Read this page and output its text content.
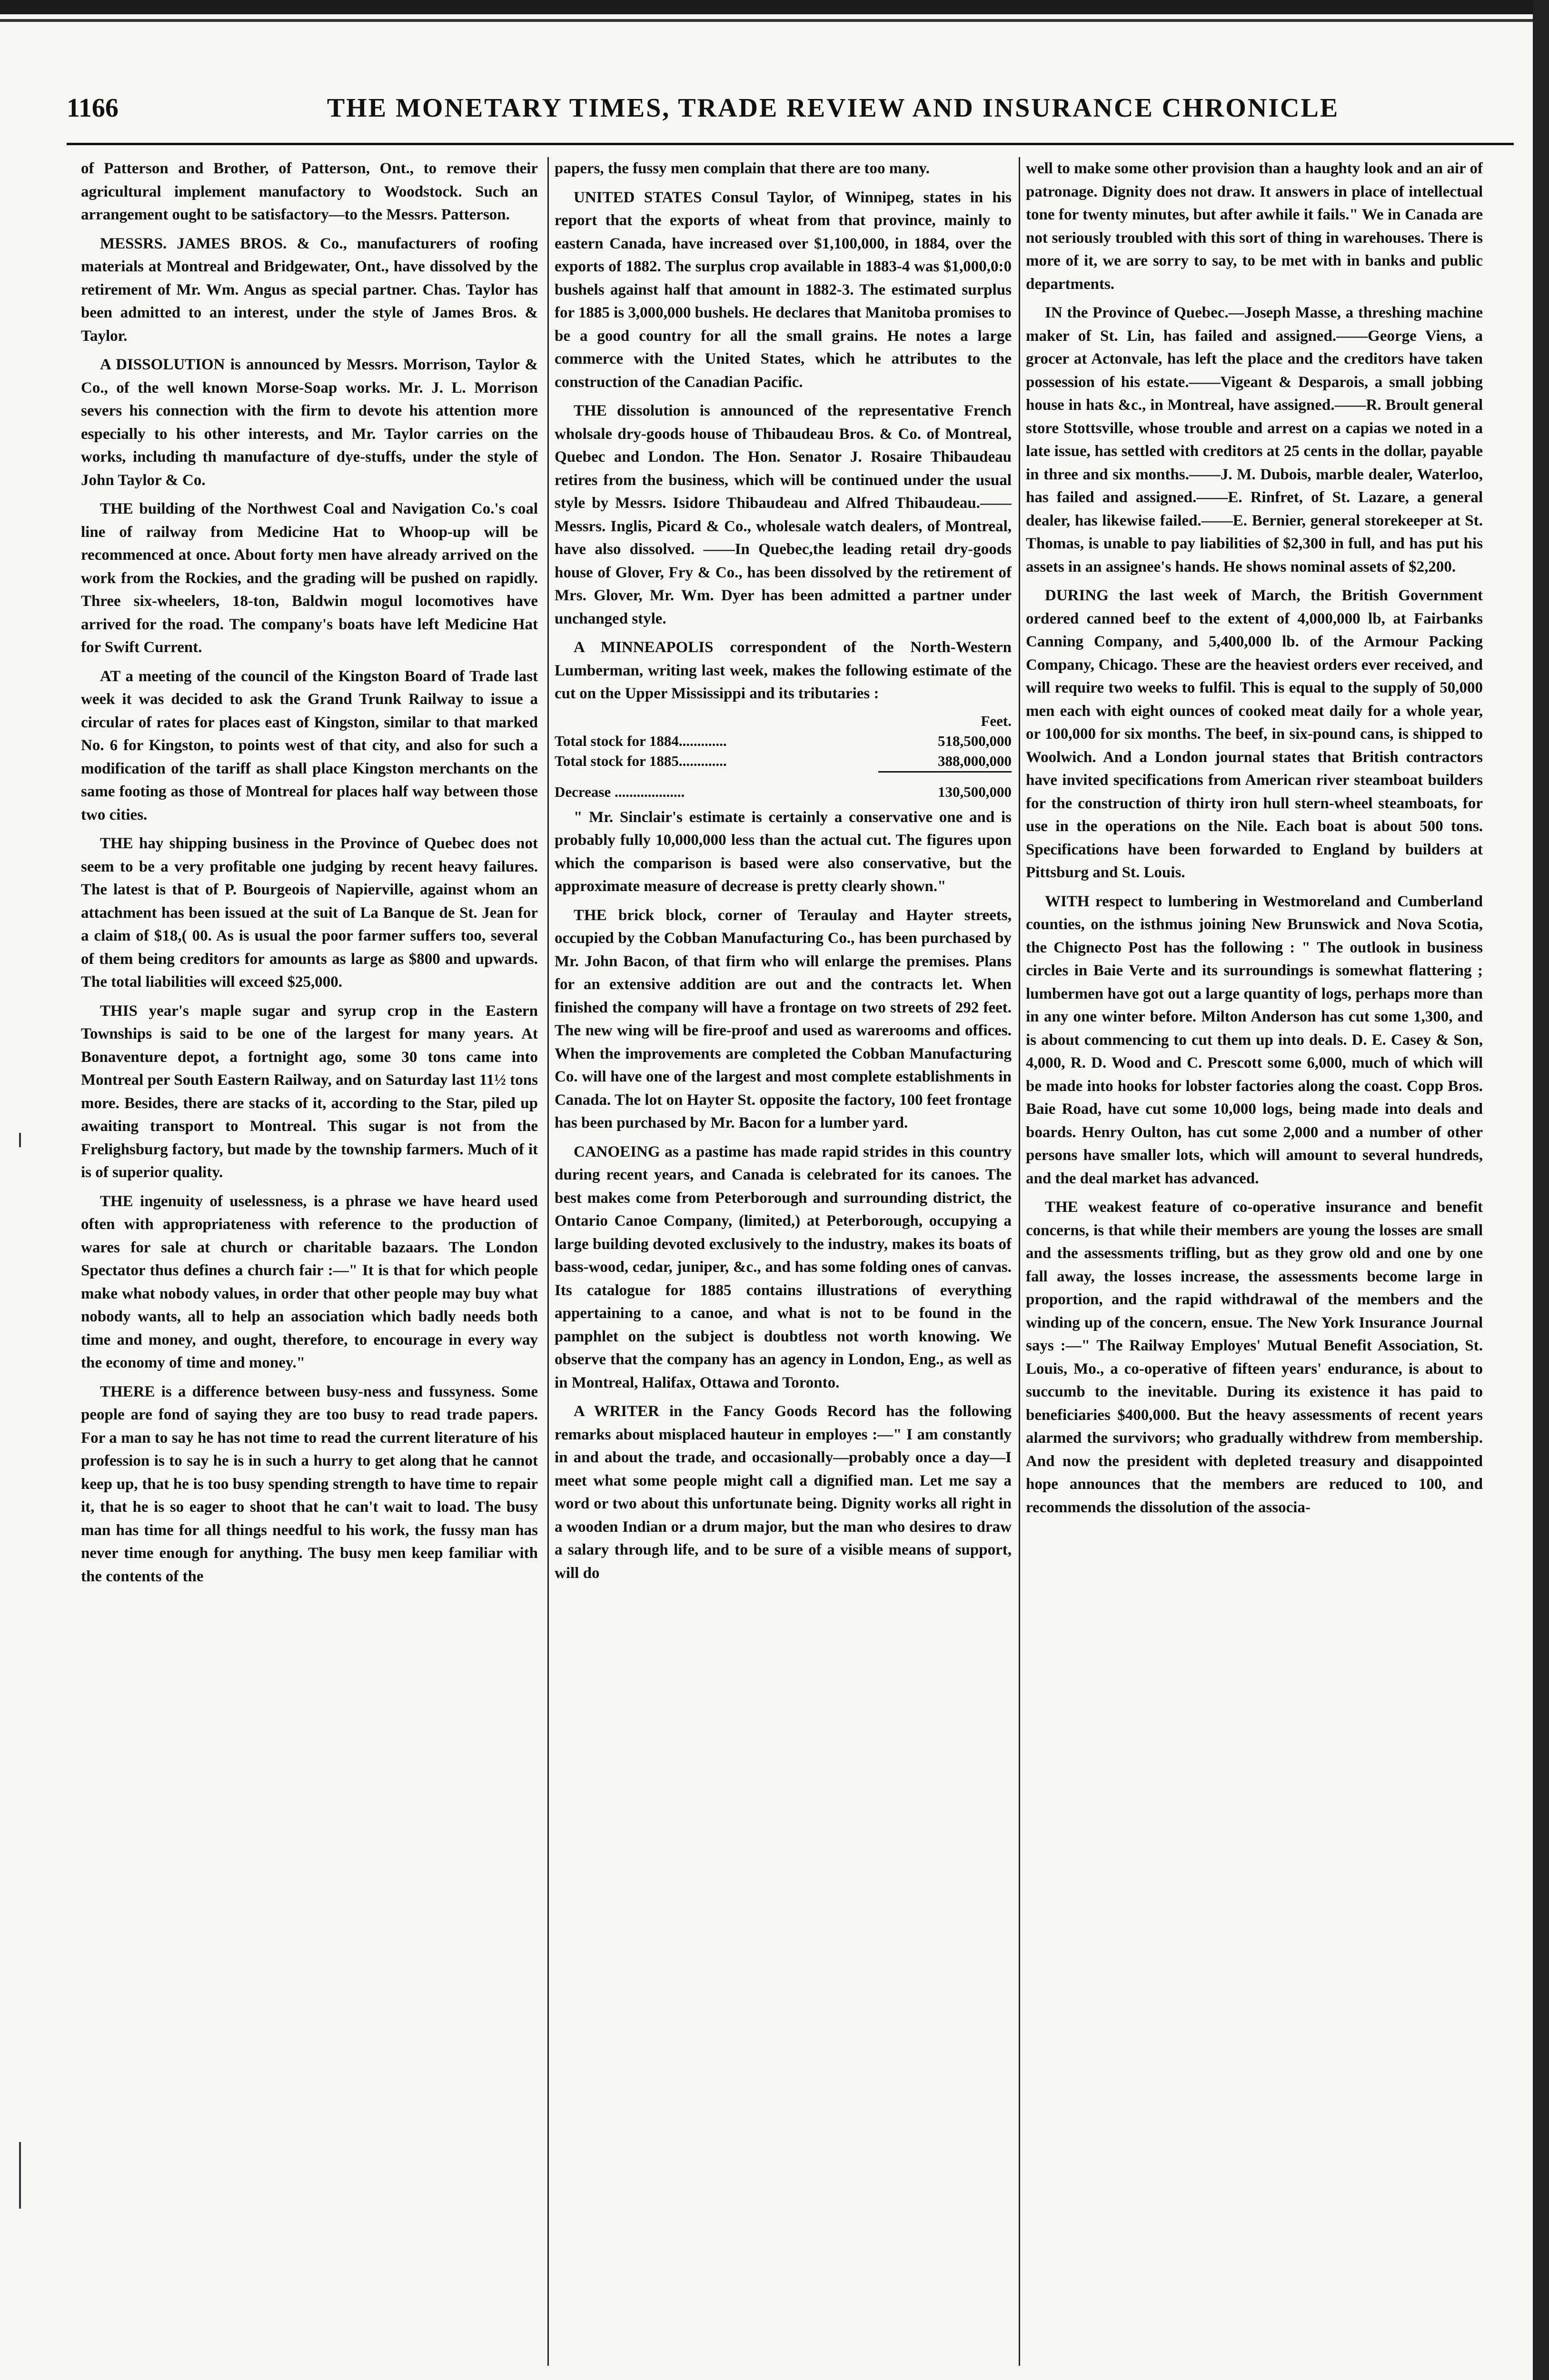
1166	THE MONETARY TIMES, TRADE REVIEW AND INSURANCE CHRONICLE

of Patterson and Brother, of Patterson, Ont., to remove their agricultural implement manufactory to Woodstock. Such an arrangement ought to be satisfactory—to the Messrs. Patterson.

MESSRS. JAMES BROS. & Co., manufacturers of roofing materials at Montreal and Bridgewater, Ont., have dissolved by the retirement of Mr. Wm. Angus as special partner. Chas. Taylor has been admitted to an interest, under the style of James Bros. & Taylor.

A DISSOLUTION is announced by Messrs. Morrison, Taylor & Co., of the well known Morse-Soap works. Mr. J. L. Morrison severs his connection with the firm to devote his attention more especially to his other interests, and Mr. Taylor carries on the works, including th manufacture of dye-stuffs, under the style of John Taylor & Co.

THE building of the Northwest Coal and Navigation Co.'s coal line of railway from Medicine Hat to Whoop-up will be recommenced at once. About forty men have already arrived on the work from the Rockies, and the grading will be pushed on rapidly. Three six-wheelers, 18-ton, Baldwin mogul locomotives have arrived for the road. The company's boats have left Medicine Hat for Swift Current.

AT a meeting of the council of the Kingston Board of Trade last week it was decided to ask the Grand Trunk Railway to issue a circular of rates for places east of Kingston, similar to that marked No. 6 for Kingston, to points west of that city, and also for such a modification of the tariff as shall place Kingston merchants on the same footing as those of Montreal for places half way between those two cities.

THE hay shipping business in the Province of Quebec does not seem to be a very profitable one judging by recent heavy failures. The latest is that of P. Bourgeois of Napierville, against whom an attachment has been issued at the suit of La Banque de St. Jean for a claim of $18,( 00. As is usual the poor farmer suffers too, several of them being creditors for amounts as large as $800 and upwards. The total liabilities will exceed $25,000.

THIS year's maple sugar and syrup crop in the Eastern Townships is said to be one of the largest for many years. At Bonaventure depot, a fortnight ago, some 30 tons came into Montreal per South Eastern Railway, and on Saturday last 11½ tons more. Besides, there are stacks of it, according to the Star, piled up awaiting transport to Montreal. This sugar is not from the Frelighsburg factory, but made by the township farmers. Much of it is of superior quality.

THE ingenuity of uselessness, is a phrase we have heard used often with appropriateness with reference to the production of wares for sale at church or charitable bazaars. The London Spectator thus defines a church fair :—" It is that for which people make what nobody values, in order that other people may buy what nobody wants, all to help an association which badly needs both time and money, and ought, therefore, to encourage in every way the economy of time and money."

THERE is a difference between busy-ness and fussyness. Some people are fond of saying they are too busy to read trade papers. For a man to say he has not time to read the current literature of his profession is to say he is in such a hurry to get along that he cannot keep up, that he is too busy spending strength to have time to repair it, that he is so eager to shoot that he can't wait to load. The busy man has time for all things needful to his work, the fussy man has never time enough for anything. The busy men keep familiar with the contents of the

papers, the fussy men complain that there are too many.

UNITED STATES Consul Taylor, of Winnipeg, states in his report that the exports of wheat from that province, mainly to eastern Canada, have increased over $1,100,000, in 1884, over the exports of 1882. The surplus crop available in 1883-4 was $1,000,0:0 bushels against half that amount in 1882-3. The estimated surplus for 1885 is 3,000,000 bushels. He declares that Manitoba promises to be a good country for all the small grains. He notes a large commerce with the United States, which he attributes to the construction of the Canadian Pacific.

THE dissolution is announced of the representative French wholsale dry-goods house of Thibaudeau Bros. & Co. of Montreal, Quebec and London. The Hon. Senator J. Rosaire Thibaudeau retires from the business, which will be continued under the usual style by Messrs. Isidore Thibaudeau and Alfred Thibaudeau.——Messrs. Inglis, Picard & Co., wholesale watch dealers, of Montreal, have also dissolved. ——In Quebec,the leading retail dry-goods house of Glover, Fry & Co., has been dissolved by the retirement of Mrs. Glover, Mr. Wm. Dyer has been admitted a partner under unchanged style.

A MINNEAPOLIS correspondent of the North-Western Lumberman, writing last week, makes the following estimate of the cut on the Upper Mississippi and its tributaries :

Feet.
Total stock for 1884.............	518,500,000
Total stock for 1885.............	388,000,000
Decrease ...................	130,500,000

" Mr. Sinclair's estimate is certainly a conservative one and is probably fully 10,000,000 less than the actual cut. The figures upon which the comparison is based were also conservative, but the approximate measure of decrease is pretty clearly shown."

THE brick block, corner of Teraulay and Hayter streets, occupied by the Cobban Manufacturing Co., has been purchased by Mr. John Bacon, of that firm who will enlarge the premises. Plans for an extensive addition are out and the contracts let. When finished the company will have a frontage on two streets of 292 feet. The new wing will be fire-proof and used as warerooms and offices. When the improvements are completed the Cobban Manufacturing Co. will have one of the largest and most complete establishments in Canada. The lot on Hayter St. opposite the factory, 100 feet frontage has been purchased by Mr. Bacon for a lumber yard.

CANOEING as a pastime has made rapid strides in this country during recent years, and Canada is celebrated for its canoes. The best makes come from Peterborough and surrounding district, the Ontario Canoe Company, (limited,) at Peterborough, occupying a large building devoted exclusively to the industry, makes its boats of bass-wood, cedar, juniper, &c., and has some folding ones of canvas. Its catalogue for 1885 contains illustrations of everything appertaining to a canoe, and what is not to be found in the pamphlet on the subject is doubtless not worth knowing. We observe that the company has an agency in London, Eng., as well as in Montreal, Halifax, Ottawa and Toronto.

A WRITER in the Fancy Goods Record has the following remarks about misplaced hauteur in employes :—" I am constantly in and about the trade, and occasionally—probably once a day—I meet what some people might call a dignified man. Let me say a word or two about this unfortunate being. Dignity works all right in a wooden Indian or a drum major, but the man who desires to draw a salary through life, and to be sure of a visible means of support, will do

well to make some other provision than a haughty look and an air of patronage. Dignity does not draw. It answers in place of intellectual tone for twenty minutes, but after awhile it fails." We in Canada are not seriously troubled with this sort of thing in warehouses. There is more of it, we are sorry to say, to be met with in banks and public departments.

IN the Province of Quebec.—Joseph Masse, a threshing machine maker of St. Lin, has failed and assigned.——George Viens, a grocer at Actonvale, has left the place and the creditors have taken possession of his estate.——Vigeant & Desparois, a small jobbing house in hats &c., in Montreal, have assigned.——R. Broult general store Stottsville, whose trouble and arrest on a capias we noted in a late issue, has settled with creditors at 25 cents in the dollar, payable in three and six months.——J. M. Dubois, marble dealer, Waterloo, has failed and assigned.——E. Rinfret, of St. Lazare, a general dealer, has likewise failed.——E. Bernier, general storekeeper at St. Thomas, is unable to pay liabilities of $2,300 in full, and has put his assets in an assignee's hands. He shows nominal assets of $2,200.

DURING the last week of March, the British Government ordered canned beef to the extent of 4,000,000 lb, at Fairbanks Canning Company, and 5,400,000 lb. of the Armour Packing Company, Chicago. These are the heaviest orders ever received, and will require two weeks to fulfil. This is equal to the supply of 50,000 men each with eight ounces of cooked meat daily for a whole year, or 100,000 for six months. The beef, in six-pound cans, is shipped to Woolwich. And a London journal states that British contractors have invited specifications from American river steamboat builders for the construction of thirty iron hull stern-wheel steamboats, for use in the operations on the Nile. Each boat is about 500 tons. Specifications have been forwarded to England by builders at Pittsburg and St. Louis.

WITH respect to lumbering in Westmoreland and Cumberland counties, on the isthmus joining New Brunswick and Nova Scotia, the Chignecto Post has the following : " The outlook in business circles in Baie Verte and its surroundings is somewhat flattering ; lumbermen have got out a large quantity of logs, perhaps more than in any one winter before. Milton Anderson has cut some 1,300, and is about commencing to cut them up into deals. D. E. Casey & Son, 4,000, R. D. Wood and C. Prescott some 6,000, much of which will be made into hooks for lobster factories along the coast. Copp Bros. Baie Road, have cut some 10,000 logs, being made into deals and boards. Henry Oulton, has cut some 2,000 and a number of other persons have smaller lots, which will amount to several hundreds, and the deal market has advanced.

THE weakest feature of co-operative insurance and benefit concerns, is that while their members are young the losses are small and the assessments trifling, but as they grow old and one by one fall away, the losses increase, the assessments become large in proportion, and the rapid withdrawal of the members and the winding up of the concern, ensue. The New York Insurance Journal says :—" The Railway Employes' Mutual Benefit Association, St. Louis, Mo., a co-operative of fifteen years' endurance, is about to succumb to the inevitable. During its existence it has paid to beneficiaries $400,000. But the heavy assessments of recent years alarmed the survivors; who gradually withdrew from membership. And now the president with depleted treasury and disappointed hope announces that the members are reduced to 100, and recommends the dissolution of the associa-
